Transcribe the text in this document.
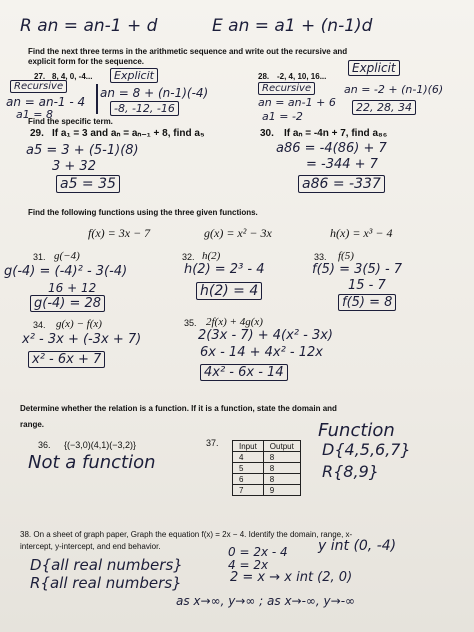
R an = an-1 + d	E an = a1 + (n-1)d
Find the next three terms in the arithmetic sequence and write out the recursive and
explicit form for the sequence.
27. 8, 4, 0, -4...	Explicit
Recursive
an = an-1 - 4
a1 = 8
an = 8 + (n-1)(-4)
-8, -12, -16
28. -2, 4, 10, 16...
Explicit
Recursive
an = an-1 + 6
a1 = -2
an = -2 + (n-1)(6)
22, 28, 34
Find the specific term.
29. If a₁ = 3 and aₙ = aₙ₋₁ + 8, find a₅
a5 = 3 + (5-1)(8)
3 + 32
a5 = 35
30. If aₙ = -4n + 7, find a₈₆
a86 = -4(86) + 7
= -344 + 7
a86 = -337
Find the following functions using the three given functions.
f(x) = 3x − 7	g(x) = x² − 3x	h(x) = x³ − 4
31. g(−4)
g(-4) = (-4)² - 3(-4)
16 + 12
g(-4) = 28
32. h(2)
h(2) = 2³ - 4
h(2) = 4
33. f(5)
f(5) = 3(5) - 7
15 - 7
f(5) = 8
34. g(x) − f(x)
x² - 3x + (-3x + 7)
x² - 6x + 7
35. 2f(x) + 4g(x)
2(3x - 7) + 4(x² - 3x)
6x - 14 + 4x² - 12x
4x² - 6x - 14
Determine whether the relation is a function. If it is a function, state the domain and
range.
36. {(−3,0)(4,1)(−3,2)}
Not a function
37.	Input	Output
4	8
5	8
6	8
7	9
Function
D{4,5,6,7}
R{8,9}
38. On a sheet of graph paper, Graph the equation f(x) = 2x − 4. Identify the domain, range, x-
intercept, y-intercept, and end behavior.	y int (0, -4)
0 = 2x - 4
4 = 2x
2 = x → x int (2, 0)
D{all real numbers}
R{all real numbers}
as x→∞, y→∞ ; as x→-∞, y→-∞
